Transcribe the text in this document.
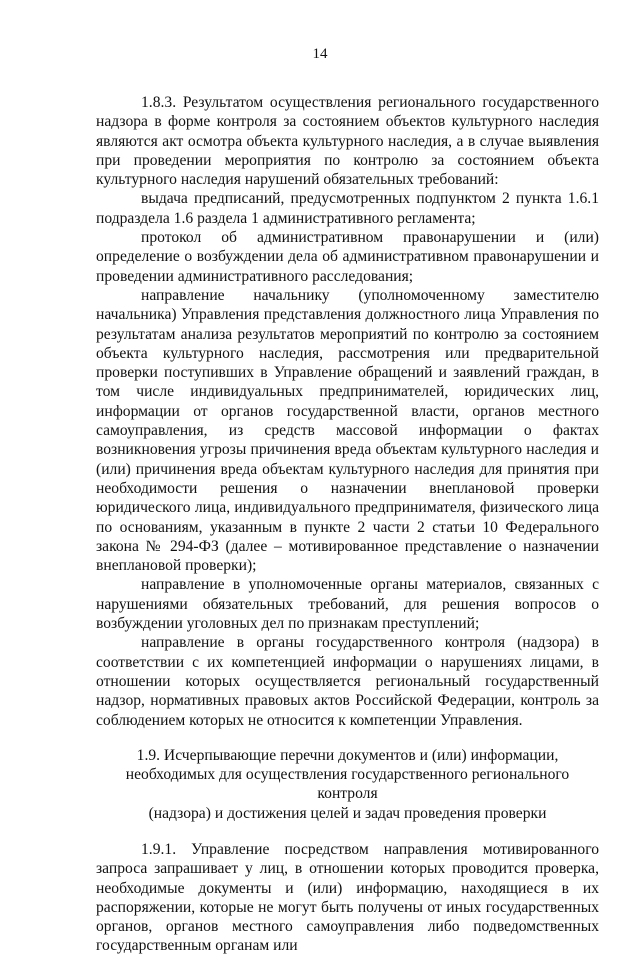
14

1.8.3. Результатом осуществления регионального государственного надзора в форме контроля за состоянием объектов культурного наследия являются акт осмотра объекта культурного наследия, а в случае выявления при проведении мероприятия по контролю за состоянием объекта культурного наследия нарушений обязательных требований:

выдача предписаний, предусмотренных подпунктом 2 пункта 1.6.1 подраздела 1.6 раздела 1 административного регламента;

протокол об административном правонарушении и (или) определение о возбуждении дела об административном правонарушении и проведении административного расследования;

направление начальнику (уполномоченному заместителю начальника) Управления представления должностного лица Управления по результатам анализа результатов мероприятий по контролю за состоянием объекта культурного наследия, рассмотрения или предварительной проверки поступивших в Управление обращений и заявлений граждан, в том числе индивидуальных предпринимателей, юридических лиц, информации от органов государственной власти, органов местного самоуправления, из средств массовой информации о фактах возникновения угрозы причинения вреда объектам культурного наследия и (или) причинения вреда объектам культурного наследия для принятия при необходимости решения о назначении внеплановой проверки юридического лица, индивидуального предпринимателя, физического лица по основаниям, указанным в пункте 2 части 2 статьи 10 Федерального закона № 294-ФЗ (далее – мотивированное представление о назначении внеплановой проверки);

направление в уполномоченные органы материалов, связанных с нарушениями обязательных требований, для решения вопросов о возбуждении уголовных дел по признакам преступлений;

направление в органы государственного контроля (надзора) в соответствии с их компетенцией информации о нарушениях лицами, в отношении которых осуществляется региональный государственный надзор, нормативных правовых актов Российской Федерации, контроль за соблюдением которых не относится к компетенции Управления.

1.9. Исчерпывающие перечни документов и (или) информации,
необходимых для осуществления государственного регионального контроля
(надзора) и достижения целей и задач проведения проверки

1.9.1. Управление посредством направления мотивированного запроса запрашивает у лиц, в отношении которых проводится проверка, необходимые документы и (или) информацию, находящиеся в их распоряжении, которые не могут быть получены от иных государственных органов, органов местного самоуправления либо подведомственных государственным органам или
